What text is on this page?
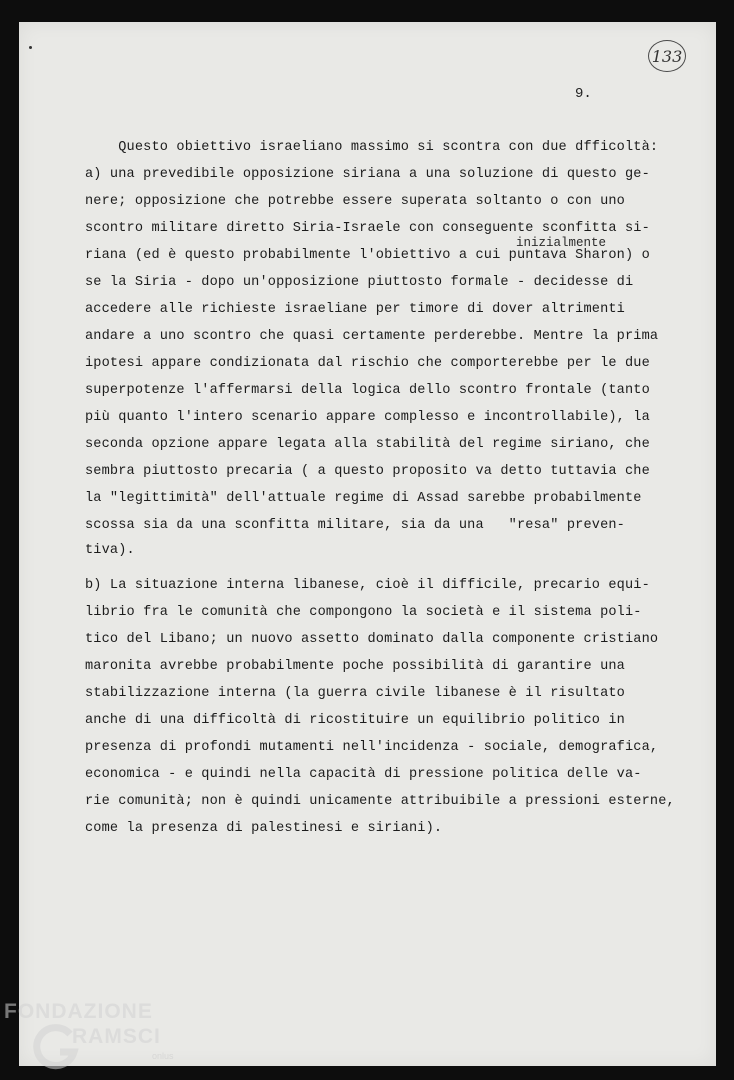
133
9.
Questo obiettivo israeliano massimo si scontra con due dfficoltà:
a) una prevedibile opposizione siriana a una soluzione di questo ge-
nere; opposizione che potrebbe essere superata soltanto o con uno
scontro militare diretto Siria-Israele con conseguente sconfitta si-
riana (ed è questo probabilmente l'obiettivo a cui puntava Sharon) o
se la Siria - dopo un'opposizione piuttosto formale - decidesse di
accedere alle richieste israeliane per timore di dover altrimenti
andare a uno scontro che quasi certamente perderebbe. Mentre la prima
ipotesi appare condizionata dal rischio che comporterebbe per le due
superpotenze l'affermarsi della logica dello scontro frontale (tanto
più quanto l'intero scenario appare complesso e incontrollabile), la
seconda opzione appare legata alla stabilità del regime siriano, che
sembra piuttosto precaria ( a questo proposito va detto tuttavia che
la "legittimità" dell'attuale regime di Assad sarebbe probabilmente
scossa sia da una sconfitta militare, sia da una   "resa" preven-
tiva).
b) La situazione interna libanese, cioè il difficile, precario equi-
librio fra le comunità che compongono la società e il sistema poli-
tico del Libano; un nuovo assetto dominato dalla componente cristiano
maronita avrebbe probabilmente poche possibilità di garantire una
stabilizzazione interna (la guerra civile libanese è il risultato
anche di una difficoltà di ricostituire un equilibrio politico in
presenza di profondi mutamenti nell'incidenza - sociale, demografica,
economica - e quindi nella capacità di pressione politica delle va-
rie comunità; non è quindi unicamente attribuibile a pressioni esterne,
come la presenza di palestinesi e siriani).
inizialmente
FONDAZIONE
RAMSCI
onlus
